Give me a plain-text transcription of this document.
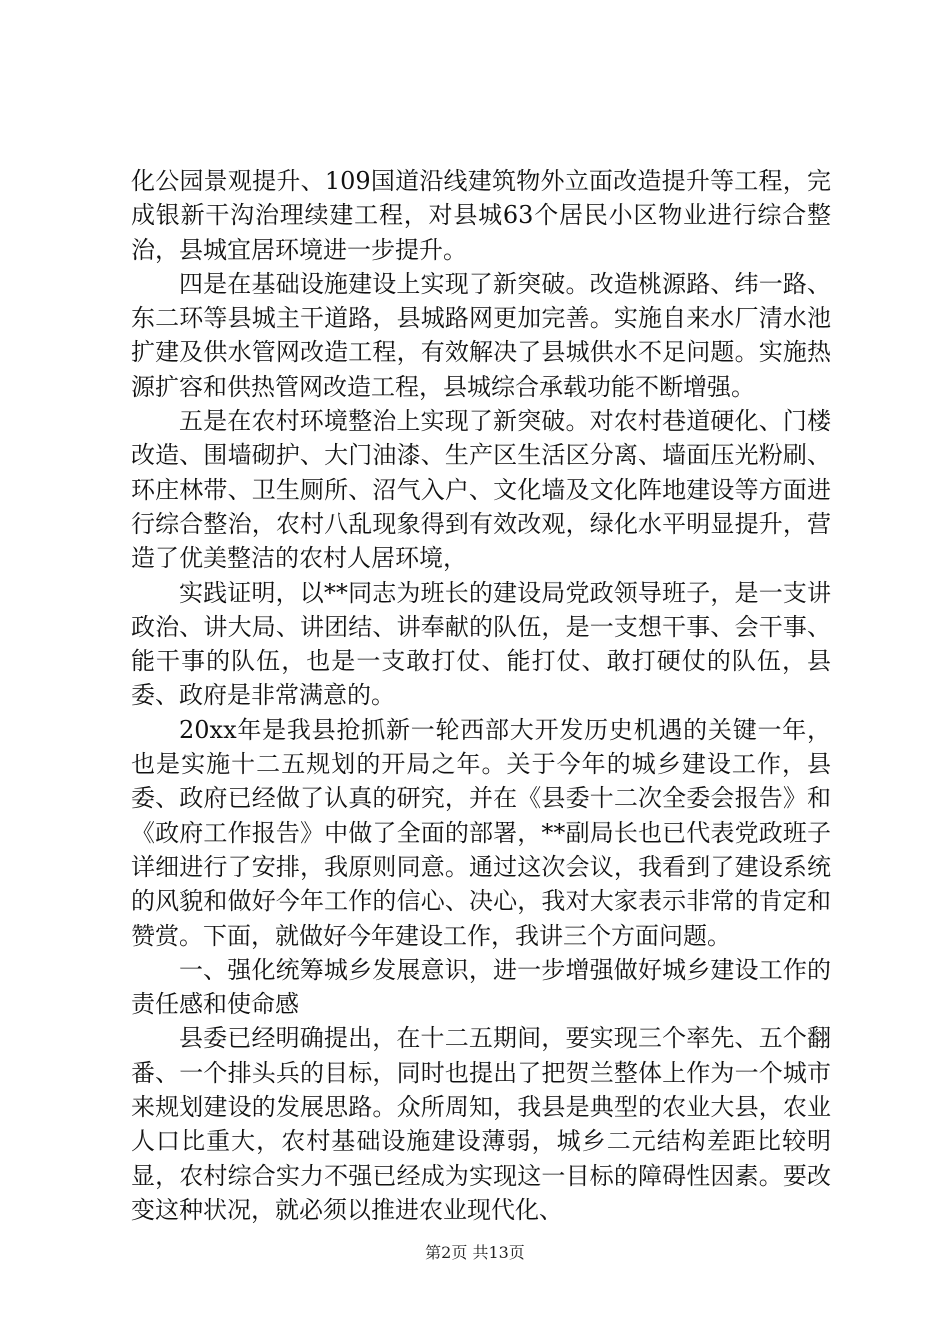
化公园景观提升、109国道沿线建筑物外立面改造提升等工程，完成银新干沟治理续建工程，对县城63个居民小区物业进行综合整治，县城宜居环境进一步提升。

四是在基础设施建设上实现了新突破。改造桃源路、纬一路、东二环等县城主干道路，县城路网更加完善。实施自来水厂清水池扩建及供水管网改造工程，有效解决了县城供水不足问题。实施热源扩容和供热管网改造工程，县城综合承载功能不断增强。

五是在农村环境整治上实现了新突破。对农村巷道硬化、门楼改造、围墙砌护、大门油漆、生产区生活区分离、墙面压光粉刷、环庄林带、卫生厕所、沼气入户、文化墙及文化阵地建设等方面进行综合整治，农村八乱现象得到有效改观，绿化水平明显提升，营造了优美整洁的农村人居环境，

实践证明，以**同志为班长的建设局党政领导班子，是一支讲政治、讲大局、讲团结、讲奉献的队伍，是一支想干事、会干事、能干事的队伍，也是一支敢打仗、能打仗、敢打硬仗的队伍，县委、政府是非常满意的。

20xx年是我县抢抓新一轮西部大开发历史机遇的关键一年，也是实施十二五规划的开局之年。关于今年的城乡建设工作，县委、政府已经做了认真的研究，并在《县委十二次全委会报告》和《政府工作报告》中做了全面的部署，**副局长也已代表党政班子详细进行了安排，我原则同意。通过这次会议，我看到了建设系统的风貌和做好今年工作的信心、决心，我对大家表示非常的肯定和赞赏。下面，就做好今年建设工作，我讲三个方面问题。

一、强化统筹城乡发展意识，进一步增强做好城乡建设工作的责任感和使命感

县委已经明确提出，在十二五期间，要实现三个率先、五个翻番、一个排头兵的目标，同时也提出了把贺兰整体上作为一个城市来规划建设的发展思路。众所周知，我县是典型的农业大县，农业人口比重大，农村基础设施建设薄弱，城乡二元结构差距比较明显，农村综合实力不强已经成为实现这一目标的障碍性因素。要改变这种状况，就必须以推进农业现代化、

第2页 共13页
